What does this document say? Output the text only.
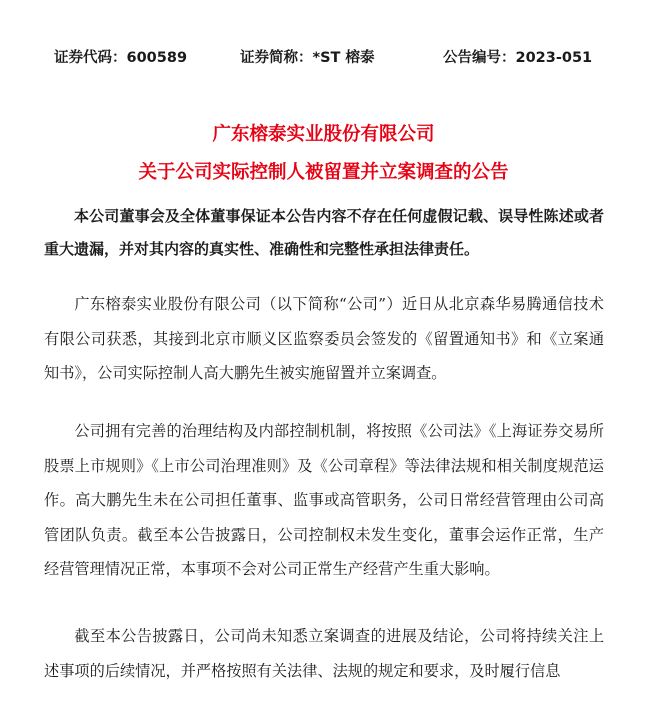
证券代码：600589	证券简称：*ST 榕泰	公告编号：2023-051
广东榕泰实业股份有限公司
关于公司实际控制人被留置并立案调查的公告

本公司董事会及全体董事保证本公告内容不存在任何虚假记载、误导性陈述或者重大遗漏，并对其内容的真实性、准确性和完整性承担法律责任。

广东榕泰实业股份有限公司（以下简称“公司”）近日从北京森华易腾通信技术有限公司获悉，其接到北京市顺义区监察委员会签发的《留置通知书》和《立案通知书》，公司实际控制人高大鹏先生被实施留置并立案调查。

公司拥有完善的治理结构及内部控制机制，将按照《公司法》《上海证券交易所股票上市规则》《上市公司治理准则》及《公司章程》等法律法规和相关制度规范运作。高大鹏先生未在公司担任董事、监事或高管职务，公司日常经营管理由公司高管团队负责。截至本公告披露日，公司控制权未发生变化，董事会运作正常，生产经营管理情况正常，本事项不会对公司正常生产经营产生重大影响。

截至本公告披露日，公司尚未知悉立案调查的进展及结论，公司将持续关注上述事项的后续情况，并严格按照有关法律、法规的规定和要求，及时履行信息
